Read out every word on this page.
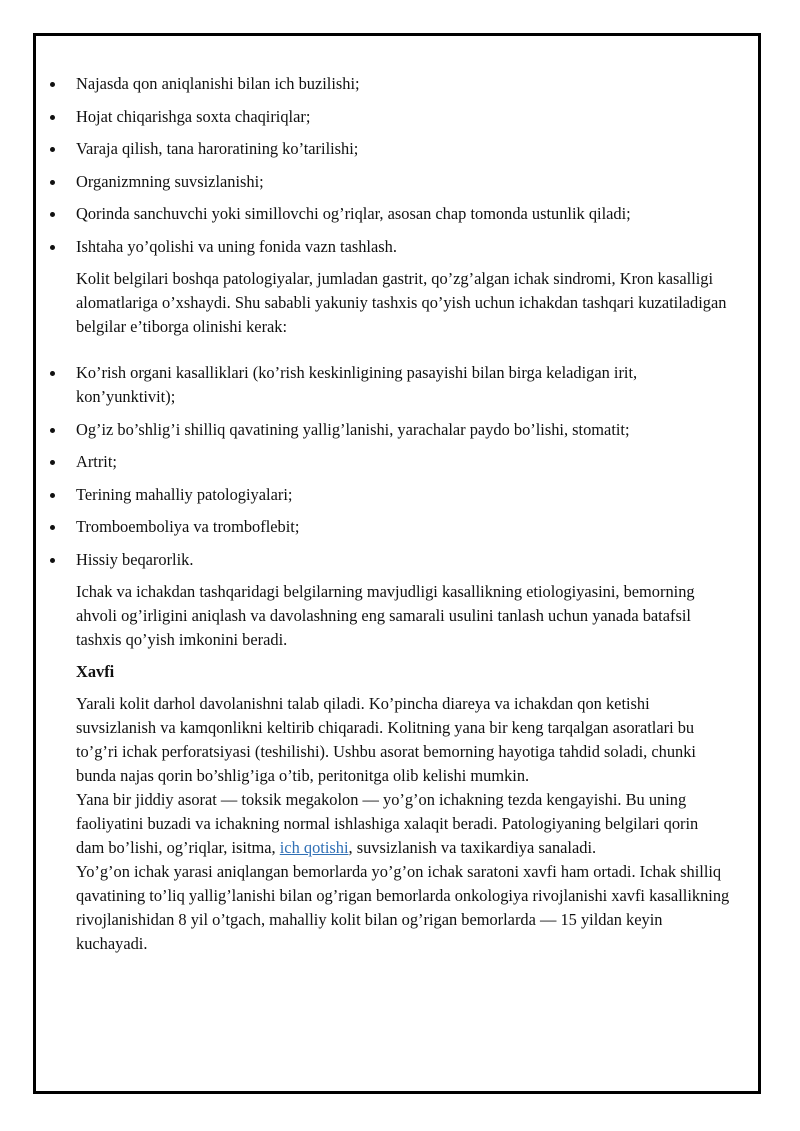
Najasda qon aniqlanishi bilan ich buzilishi;
Hojat chiqarishga soxta chaqiriqlar;
Varaja qilish, tana haroratining ko’tarilishi;
Organizmning suvsizlanishi;
Qorinda sanchuvchi yoki simillovchi og’riqlar, asosan chap tomonda ustunlik qiladi;
Ishtaha yo’qolishi va uning fonida vazn tashlash.

Kolit belgilari boshqa patologiyalar, jumladan gastrit, qo’zg’algan ichak sindromi, Kron kasalligi alomatlariga o’xshaydi. Shu sababli yakuniy tashxis qo’yish uchun ichakdan tashqari kuzatiladigan belgilar e’tiborga olinishi kerak:

Ko’rish organi kasalliklari (ko’rish keskinligining pasayishi bilan birga keladigan irit, kon’yunktivit);
Og’iz bo’shlig’i shilliq qavatining yallig’lanishi, yarachalar paydo bo’lishi, stomatit;
Artrit;
Terining mahalliy patologiyalari;
Tromboemboliya va tromboflebit;
Hissiy beqarorlik.

Ichak va ichakdan tashqaridagi belgilarning mavjudligi kasallikning etiologiyasini, bemorning ahvoli og’irligini aniqlash va davolashning eng samarali usulini tanlash uchun yanada batafsil tashxis qo’yish imkonini beradi.

Xavfi

Yarali kolit darhol davolanishni talab qiladi. Ko’pincha diareya va ichakdan qon ketishi suvsizlanish va kamqonlikni keltirib chiqaradi. Kolitning yana bir keng tarqalgan asoratlari bu to’g’ri ichak perforatsiyasi (teshilishi). Ushbu asorat bemorning hayotiga tahdid soladi, chunki bunda najas qorin bo’shlig’iga o’tib, peritonitga olib kelishi mumkin.

Yana bir jiddiy asorat — toksik megakolon — yo’g’on ichakning tezda kengayishi. Bu uning faoliyatini buzadi va ichakning normal ishlashiga xalaqit beradi. Patologiyaning belgilari qorin dam bo’lishi, og’riqlar, isitma, ich qotishi, suvsizlanish va taxikardiya sanaladi.

Yo’g’on ichak yarasi aniqlangan bemorlarda yo’g’on ichak saratoni xavfi ham ortadi. Ichak shilliq qavatining to’liq yallig’lanishi bilan og’rigan bemorlarda onkologiya rivojlanishi xavfi kasallikning rivojlanishidan 8 yil o’tgach, mahalliy kolit bilan og’rigan bemorlarda — 15 yildan keyin kuchayadi.
